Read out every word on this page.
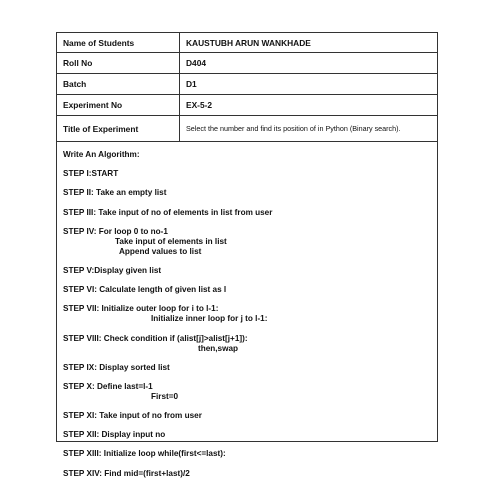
Name of Students	KAUSTUBH ARUN WANKHADE
Roll No	D404
Batch	D1
Experiment No	EX-5-2
Title of Experiment	Select the number and find its position of in Python (Binary search).

Write An Algorithm:

STEP I:START

STEP II: Take an empty list

STEP III: Take input of no of elements in list from user

STEP IV: For loop 0 to no-1

Take input of elements in list

Append values to list

STEP V:Display given list

STEP VI: Calculate length of given list as l

STEP VII: Initialize outer loop for i to l-1:

Initialize inner loop for j to l-1:

STEP VIII: Check condition if (alist[j]>alist[j+1]):

then,swap

STEP IX: Display sorted list

STEP X: Define last=l-1

First=0

STEP XI: Take input of no from user

STEP XII: Display input no

STEP XIII: Initialize loop while(first<=last):

STEP XIV: Find mid=(first+last)/2
